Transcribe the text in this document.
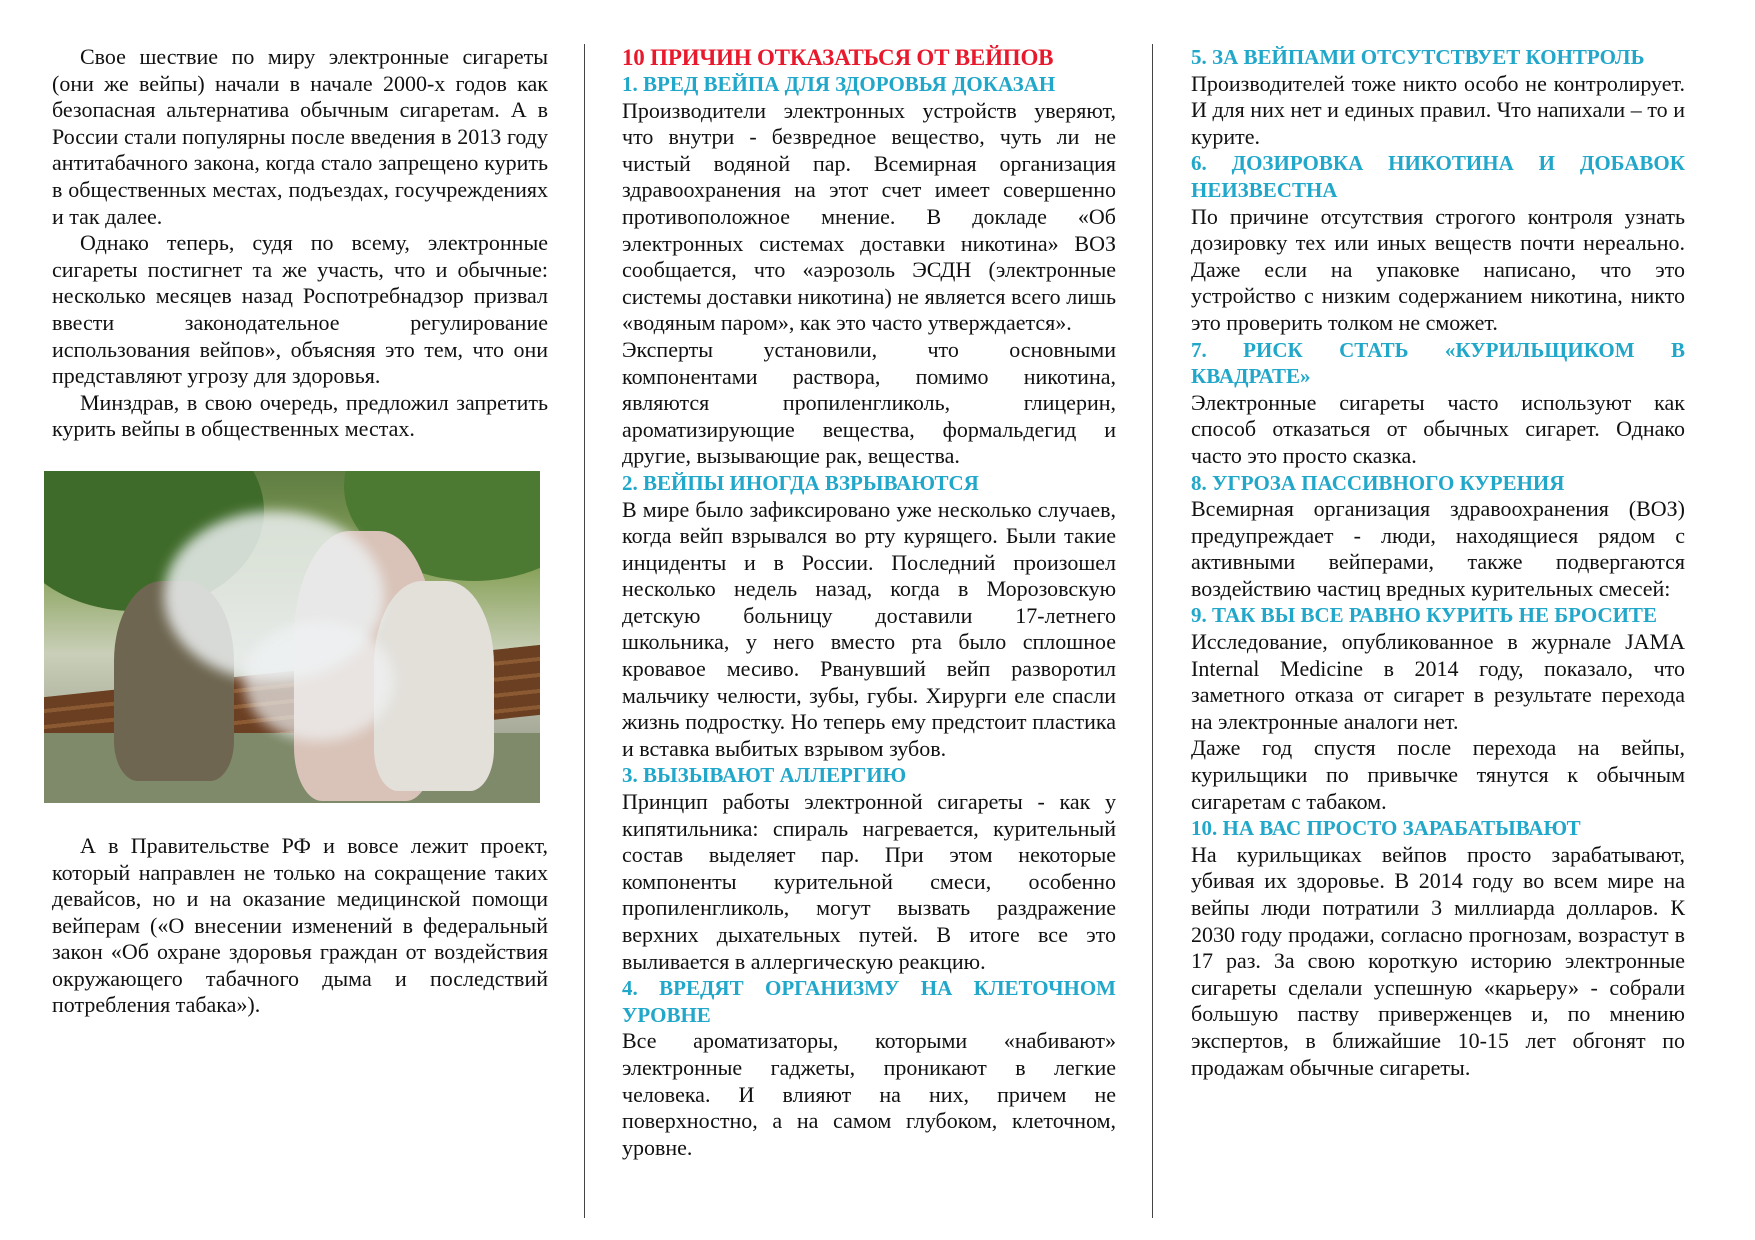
Свое шествие по миру электронные сигареты (они же вейпы) начали в начале 2000-х годов как безопасная альтернатива обычным сигаретам. А в России стали популярны после введения в 2013 году антитабачного закона, когда стало запрещено курить в общественных местах, подъездах, госучреждениях и так далее.

Однако теперь, судя по всему, электронные сигареты постигнет та же участь, что и обычные: несколько месяцев назад Роспотребнадзор призвал ввести законодательное регулирование использования вейпов», объясняя это тем, что они представляют угрозу для здоровья.

Минздрав, в свою очередь, предложил запретить курить вейпы в общественных местах.

А в Правительстве РФ и вовсе лежит проект, который направлен не только на сокращение таких девайсов, но и на оказание медицинской помощи вейперам («О внесении изменений в федеральный закон «Об охране здоровья граждан от воздействия окружающего табачного дыма и последствий потребления табака»).

10 ПРИЧИН ОТКАЗАТЬСЯ ОТ ВЕЙПОВ
1. ВРЕД ВЕЙПА ДЛЯ ЗДОРОВЬЯ ДОКАЗАН

Производители электронных устройств уверяют, что внутри - безвредное вещество, чуть ли не чистый водяной пар. Всемирная организация здравоохранения на этот счет имеет совершенно противоположное мнение. В докладе «Об электронных системах доставки никотина» ВОЗ сообщается, что «аэрозоль ЭСДН (электронные системы доставки никотина) не является всего лишь «водяным паром», как это часто утверждается».

Эксперты установили, что основными компонентами раствора, помимо никотина, являются пропиленгликоль, глицерин, ароматизирующие вещества, формальдегид и другие, вызывающие рак, вещества.

2. ВЕЙПЫ ИНОГДА ВЗРЫВАЮТСЯ

В мире было зафиксировано уже несколько случаев, когда вейп взрывался во рту курящего. Были такие инциденты и в России. Последний произошел несколько недель назад, когда в Морозовскую детскую больницу доставили 17-летнего школьника, у него вместо рта было сплошное кровавое месиво. Рванувший вейп разворотил мальчику челюсти, зубы, губы. Хирурги еле спасли жизнь подростку. Но теперь ему предстоит пластика и вставка выбитых взрывом зубов.

3. ВЫЗЫВАЮТ АЛЛЕРГИЮ

Принцип работы электронной сигареты - как у кипятильника: спираль нагревается, курительный состав выделяет пар. При этом некоторые компоненты курительной смеси, особенно пропиленгликоль, могут вызвать раздражение верхних дыхательных путей. В итоге все это выливается в аллергическую реакцию.

4. ВРЕДЯТ ОРГАНИЗМУ НА КЛЕТОЧНОМ УРОВНЕ

Все ароматизаторы, которыми «набивают» электронные гаджеты, проникают в легкие человека. И влияют на них, причем не поверхностно, а на самом глубоком, клеточном, уровне.

5. ЗА ВЕЙПАМИ ОТСУТСТВУЕТ КОНТРОЛЬ

Производителей тоже никто особо не контролирует. И для них нет и единых правил. Что напихали – то и курите.

6. ДОЗИРОВКА НИКОТИНА И ДОБАВОК НЕИЗВЕСТНА

По причине отсутствия строгого контроля узнать дозировку тех или иных веществ почти нереально. Даже если на упаковке написано, что это устройство с низким содержанием никотина, никто это проверить толком не сможет.

7. РИСК СТАТЬ «КУРИЛЬЩИКОМ В КВАДРАТЕ»

Электронные сигареты часто используют как способ отказаться от обычных сигарет. Однако часто это просто сказка.

8. УГРОЗА ПАССИВНОГО КУРЕНИЯ

Всемирная организация здравоохранения (ВОЗ) предупреждает - люди, находящиеся рядом с активными вейперами, также подвергаются воздействию частиц вредных курительных смесей:

9. ТАК ВЫ ВСЕ РАВНО КУРИТЬ НЕ БРОСИТЕ

Исследование, опубликованное в журнале JAMA Internal Medicine в 2014 году, показало, что заметного отказа от сигарет в результате перехода на электронные аналоги нет.

Даже год спустя после перехода на вейпы, курильщики по привычке тянутся к обычным сигаретам с табаком.

10. НА ВАС ПРОСТО ЗАРАБАТЫВАЮТ

На курильщиках вейпов просто зарабатывают, убивая их здоровье. В 2014 году во всем мире на вейпы люди потратили 3 миллиарда долларов. К 2030 году продажи, согласно прогнозам, возрастут в 17 раз. За свою короткую историю электронные сигареты сделали успешную «карьеру» - собрали большую паству приверженцев и, по мнению экспертов, в ближайшие 10-15 лет обгонят по продажам обычные сигареты.
